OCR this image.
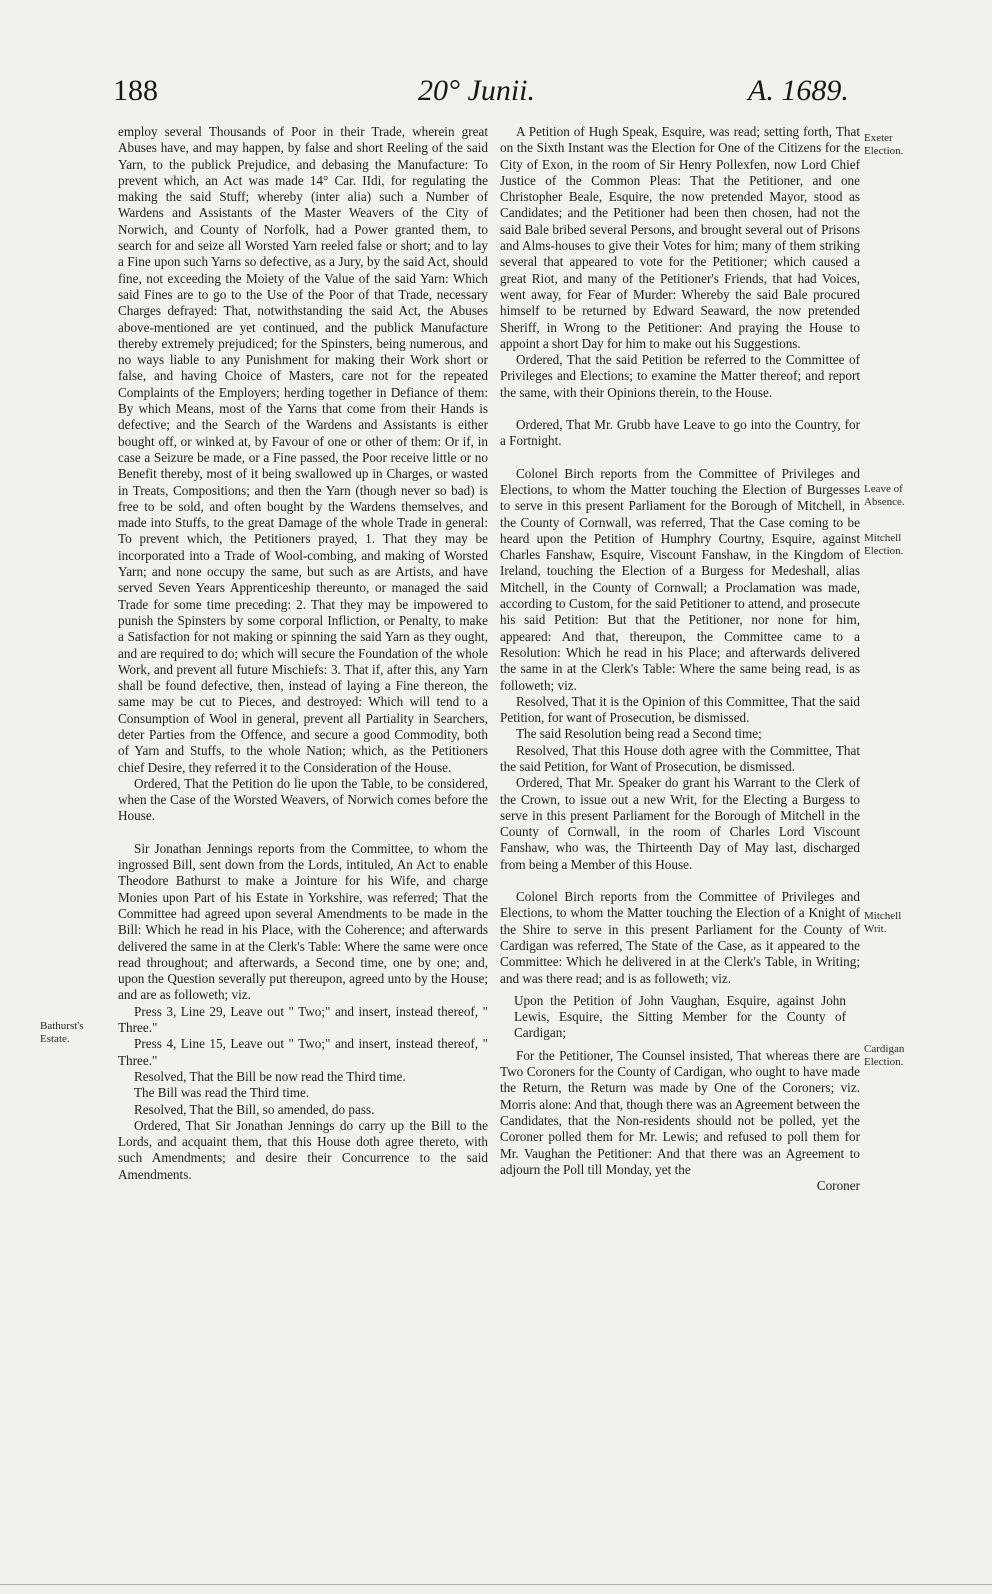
188	20° Junii.	A. 1689.
Bathurst's Estate.
Exeter Election.
Leave of Absence.
Mitchell Election.
Mitchell Writ.
Cardigan Election.

employ several Thousands of Poor in their Trade, wherein great Abuses have, and may happen, by false and short Reeling of the said Yarn, to the publick Prejudice, and debasing the Manufacture: To prevent which, an Act was made 14° Car. IIdi, for regulating the making the said Stuff; whereby (inter alia) such a Number of Wardens and Assistants of the Master Weavers of the City of Norwich, and County of Norfolk, had a Power granted them, to search for and seize all Worsted Yarn reeled false or short; and to lay a Fine upon such Yarns so defective, as a Jury, by the said Act, should fine, not exceeding the Moiety of the Value of the said Yarn: Which said Fines are to go to the Use of the Poor of that Trade, necessary Charges defrayed: That, notwithstanding the said Act, the Abuses above-mentioned are yet continued, and the publick Manufacture thereby extremely prejudiced; for the Spinsters, being numerous, and no ways liable to any Punishment for making their Work short or false, and having Choice of Masters, care not for the repeated Complaints of the Employers; herding together in Defiance of them: By which Means, most of the Yarns that come from their Hands is defective; and the Search of the Wardens and Assistants is either bought off, or winked at, by Favour of one or other of them: Or if, in case a Seizure be made, or a Fine passed, the Poor receive little or no Benefit thereby, most of it being swallowed up in Charges, or wasted in Treats, Compositions; and then the Yarn (though never so bad) is free to be sold, and often bought by the Wardens themselves, and made into Stuffs, to the great Damage of the whole Trade in general: To prevent which, the Petitioners prayed, 1. That they may be incorporated into a Trade of Wool-combing, and making of Worsted Yarn; and none occupy the same, but such as are Artists, and have served Seven Years Apprenticeship thereunto, or managed the said Trade for some time preceding: 2. That they may be impowered to punish the Spinsters by some corporal Infliction, or Penalty, to make a Satisfaction for not making or spinning the said Yarn as they ought, and are required to do; which will secure the Foundation of the whole Work, and prevent all future Mischiefs: 3. That if, after this, any Yarn shall be found defective, then, instead of laying a Fine thereon, the same may be cut to Pieces, and destroyed: Which will tend to a Consumption of Wool in general, prevent all Partiality in Searchers, deter Parties from the Offence, and secure a good Commodity, both of Yarn and Stuffs, to the whole Nation; which, as the Petitioners chief Desire, they referred it to the Consideration of the House.

Ordered, That the Petition do lie upon the Table, to be considered, when the Case of the Worsted Weavers, of Norwich comes before the House.

Sir Jonathan Jennings reports from the Committee, to whom the ingrossed Bill, sent down from the Lords, intituled, An Act to enable Theodore Bathurst to make a Jointure for his Wife, and charge Monies upon Part of his Estate in Yorkshire, was referred; That the Committee had agreed upon several Amendments to be made in the Bill: Which he read in his Place, with the Coherence; and afterwards delivered the same in at the Clerk's Table: Where the same were once read throughout; and afterwards, a Second time, one by one; and, upon the Question severally put thereupon, agreed unto by the House; and are as followeth; viz.

Press 3, Line 29, Leave out " Two;" and insert, instead thereof, " Three."

Press 4, Line 15, Leave out " Two;" and insert, instead thereof, " Three."

Resolved, That the Bill be now read the Third time.

The Bill was read the Third time.

Resolved, That the Bill, so amended, do pass.

Ordered, That Sir Jonathan Jennings do carry up the Bill to the Lords, and acquaint them, that this House doth agree thereto, with such Amendments; and desire their Concurrence to the said Amendments.

A Petition of Hugh Speak, Esquire, was read; setting forth, That on the Sixth Instant was the Election for One of the Citizens for the City of Exon, in the room of Sir Henry Pollexfen, now Lord Chief Justice of the Common Pleas: That the Petitioner, and one Christopher Beale, Esquire, the now pretended Mayor, stood as Candidates; and the Petitioner had been then chosen, had not the said Bale bribed several Persons, and brought several out of Prisons and Alms-houses to give their Votes for him; many of them striking several that appeared to vote for the Petitioner; which caused a great Riot, and many of the Petitioner's Friends, that had Voices, went away, for Fear of Murder: Whereby the said Bale procured himself to be returned by Edward Seaward, the now pretended Sheriff, in Wrong to the Petitioner: And praying the House to appoint a short Day for him to make out his Suggestions.

Ordered, That the said Petition be referred to the Committee of Privileges and Elections; to examine the Matter thereof; and report the same, with their Opinions therein, to the House.

Ordered, That Mr. Grubb have Leave to go into the Country, for a Fortnight.

Colonel Birch reports from the Committee of Privileges and Elections, to whom the Matter touching the Election of Burgesses to serve in this present Parliament for the Borough of Mitchell, in the County of Cornwall, was referred, That the Case coming to be heard upon the Petition of Humphry Courtny, Esquire, against Charles Fanshaw, Esquire, Viscount Fanshaw, in the Kingdom of Ireland, touching the Election of a Burgess for Medeshall, alias Mitchell, in the County of Cornwall; a Proclamation was made, according to Custom, for the said Petitioner to attend, and prosecute his said Petition: But that the Petitioner, nor none for him, appeared: And that, thereupon, the Committee came to a Resolution: Which he read in his Place; and afterwards delivered the same in at the Clerk's Table: Where the same being read, is as followeth; viz.

Resolved, That it is the Opinion of this Committee, That the said Petition, for want of Prosecution, be dismissed.

The said Resolution being read a Second time;

Resolved, That this House doth agree with the Committee, That the said Petition, for Want of Prosecution, be dismissed.

Ordered, That Mr. Speaker do grant his Warrant to the Clerk of the Crown, to issue out a new Writ, for the Electing a Burgess to serve in this present Parliament for the Borough of Mitchell in the County of Cornwall, in the room of Charles Lord Viscount Fanshaw, who was, the Thirteenth Day of May last, discharged from being a Member of this House.

Colonel Birch reports from the Committee of Privileges and Elections, to whom the Matter touching the Election of a Knight of the Shire to serve in this present Parliament for the County of Cardigan was referred, The State of the Case, as it appeared to the Committee: Which he delivered in at the Clerk's Table, in Writing; and was there read; and is as followeth; viz.

Upon the Petition of John Vaughan, Esquire, against John Lewis, Esquire, the Sitting Member for the County of Cardigan;

For the Petitioner, The Counsel insisted, That whereas there are Two Coroners for the County of Cardigan, who ought to have made the Return, the Return was made by One of the Coroners; viz. Morris alone: And that, though there was an Agreement between the Candidates, that the Non-residents should not be polled, yet the Coroner polled them for Mr. Lewis; and refused to poll them for Mr. Vaughan the Petitioner: And that there was an Agreement to adjourn the Poll till Monday, yet the

Coroner
